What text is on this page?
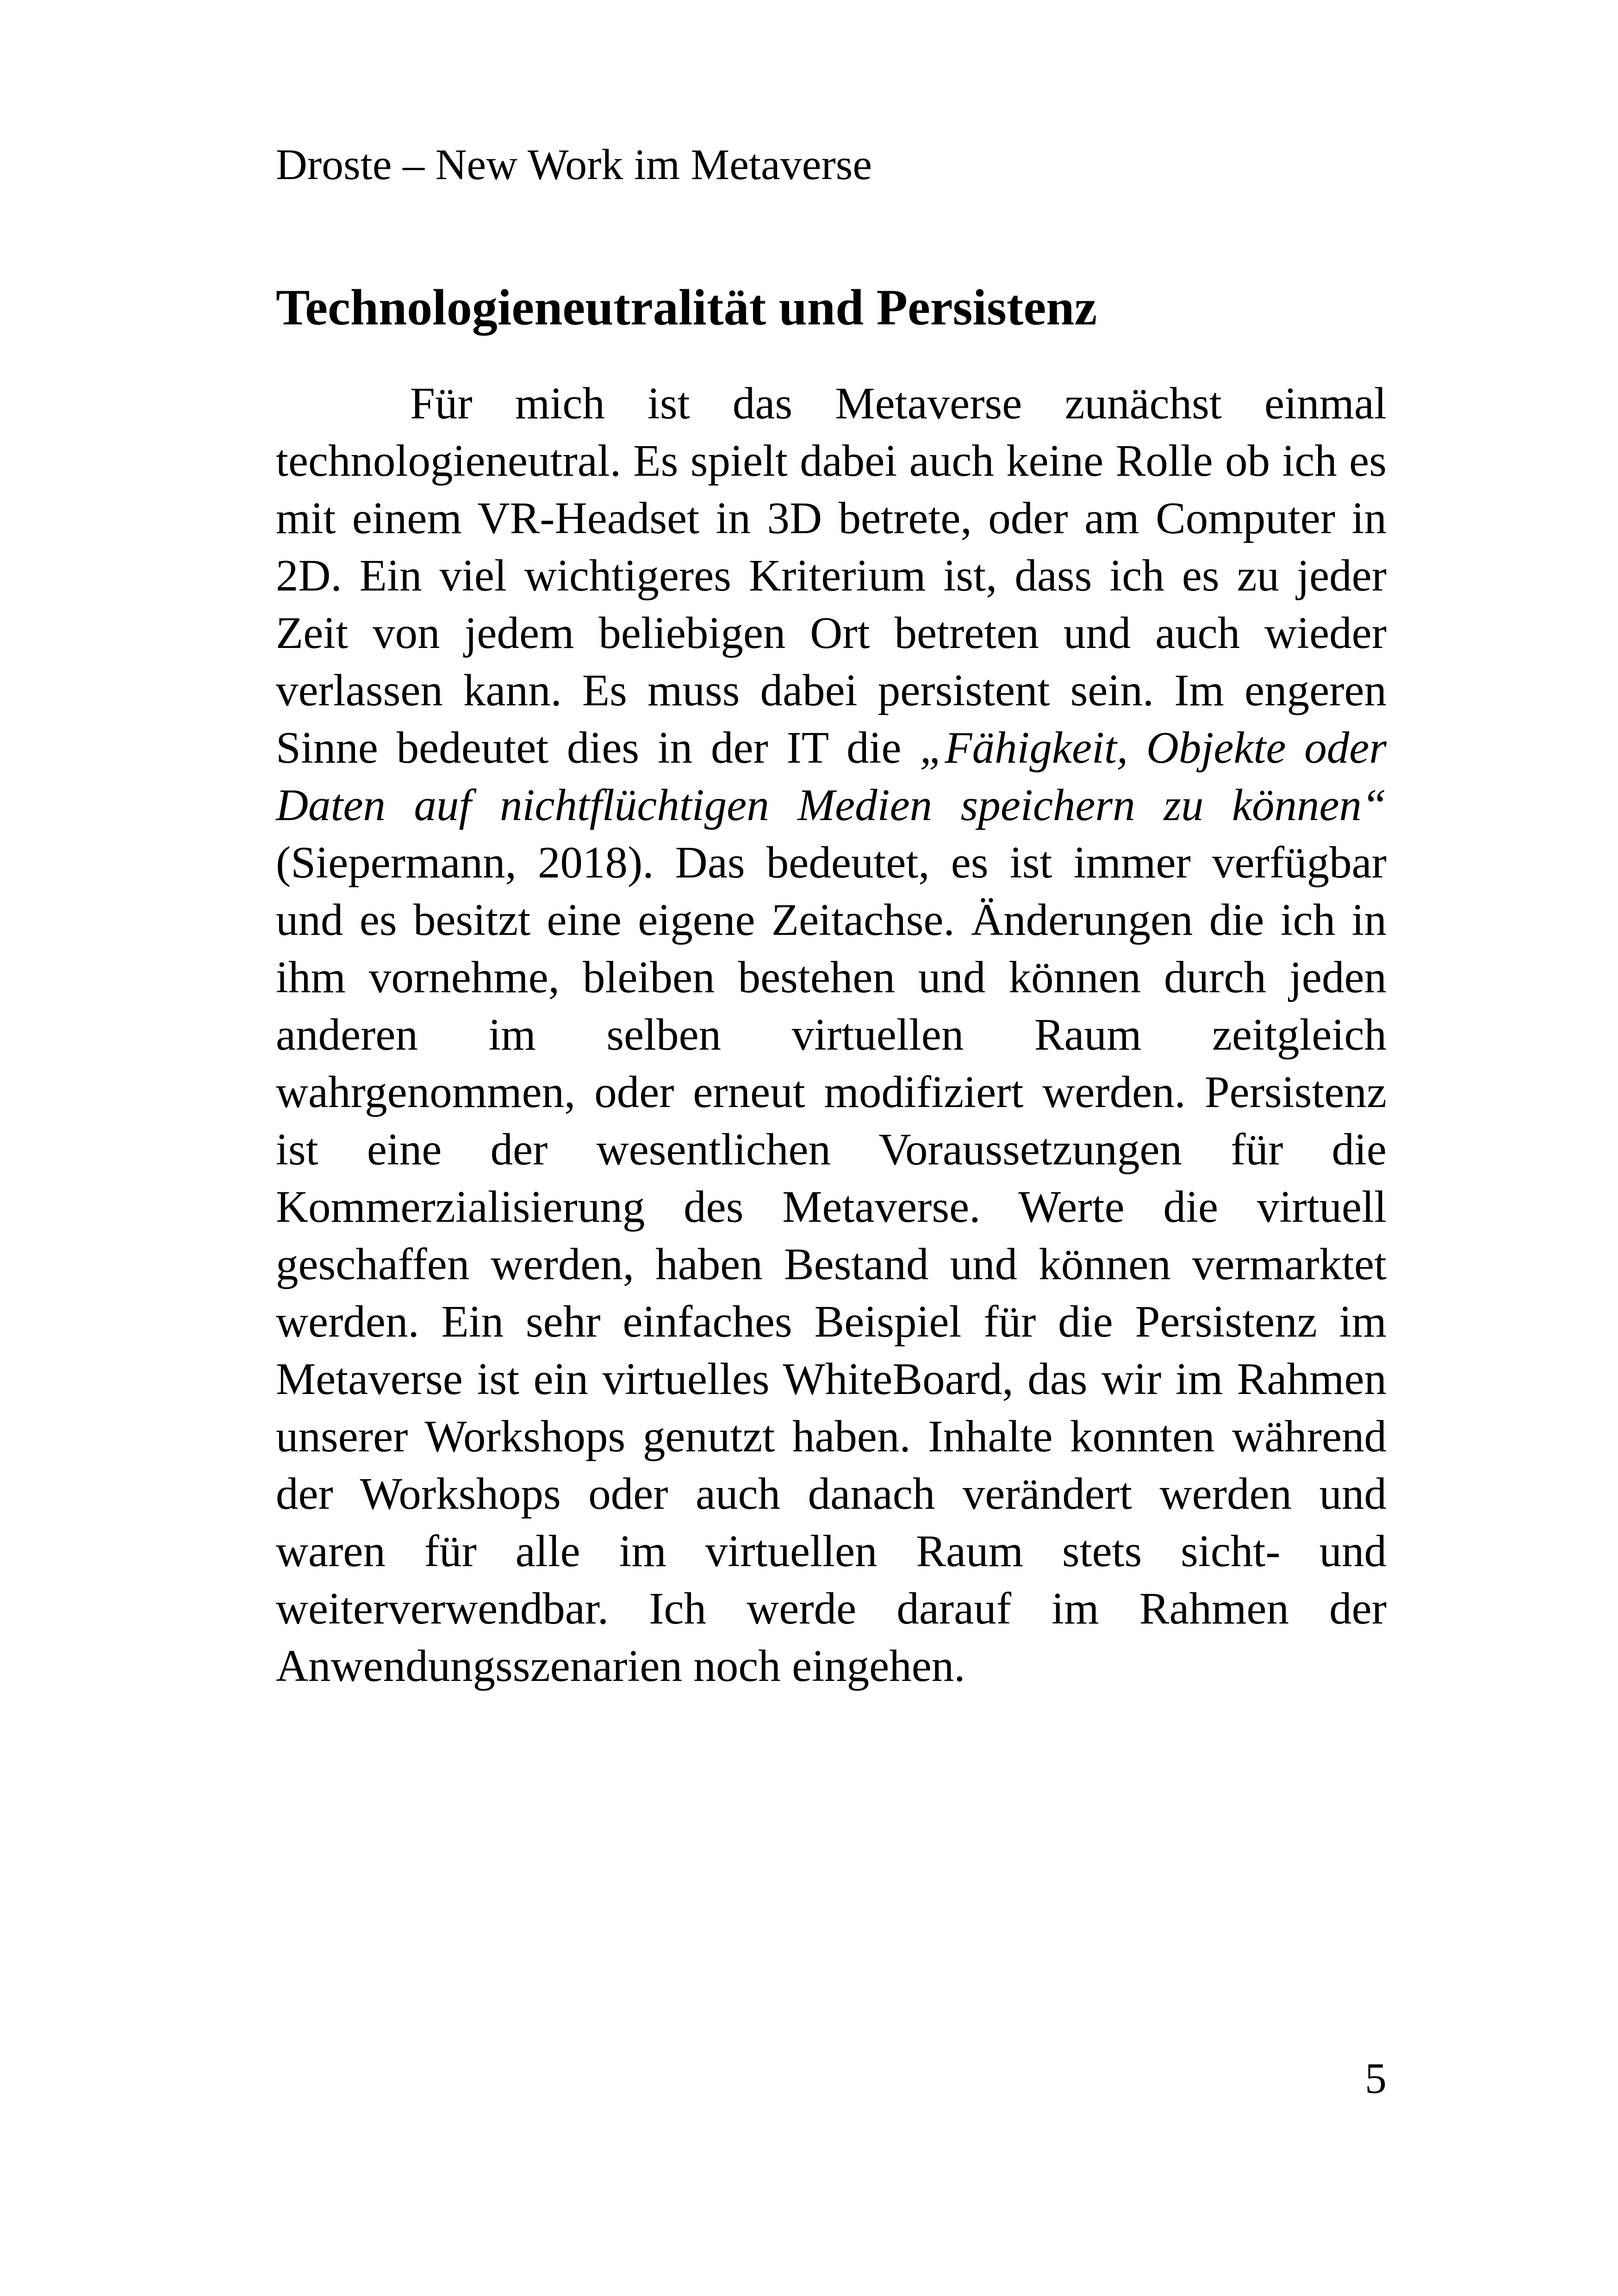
Droste – New Work im Metaverse
Technologieneutralität und Persistenz

Für mich ist das Metaverse zunächst einmal technologieneutral. Es spielt dabei auch keine Rolle ob ich es mit einem VR-Headset in 3D betrete, oder am Computer in 2D. Ein viel wichtigeres Kriterium ist, dass ich es zu jeder Zeit von jedem beliebigen Ort betreten und auch wieder verlassen kann. Es muss dabei persistent sein. Im engeren Sinne bedeutet dies in der IT die „Fähigkeit, Objekte oder Daten auf nichtflüchtigen Medien speichern zu können“ (Siepermann, 2018). Das bedeutet, es ist immer verfügbar und es besitzt eine eigene Zeitachse. Änderungen die ich in ihm vornehme, bleiben bestehen und können durch jeden anderen im selben virtuellen Raum zeitgleich wahrgenommen, oder erneut modifiziert werden. Persistenz ist eine der wesentlichen Voraussetzungen für die Kommerzialisierung des Metaverse. Werte die virtuell geschaffen werden, haben Bestand und können vermarktet werden. Ein sehr einfaches Beispiel für die Persistenz im Metaverse ist ein virtuelles WhiteBoard, das wir im Rahmen unserer Workshops genutzt haben. Inhalte konnten während der Workshops oder auch danach verändert werden und waren für alle im virtuellen Raum stets sicht- und weiterverwendbar. Ich werde darauf im Rahmen der Anwendungsszenarien noch eingehen.

5
